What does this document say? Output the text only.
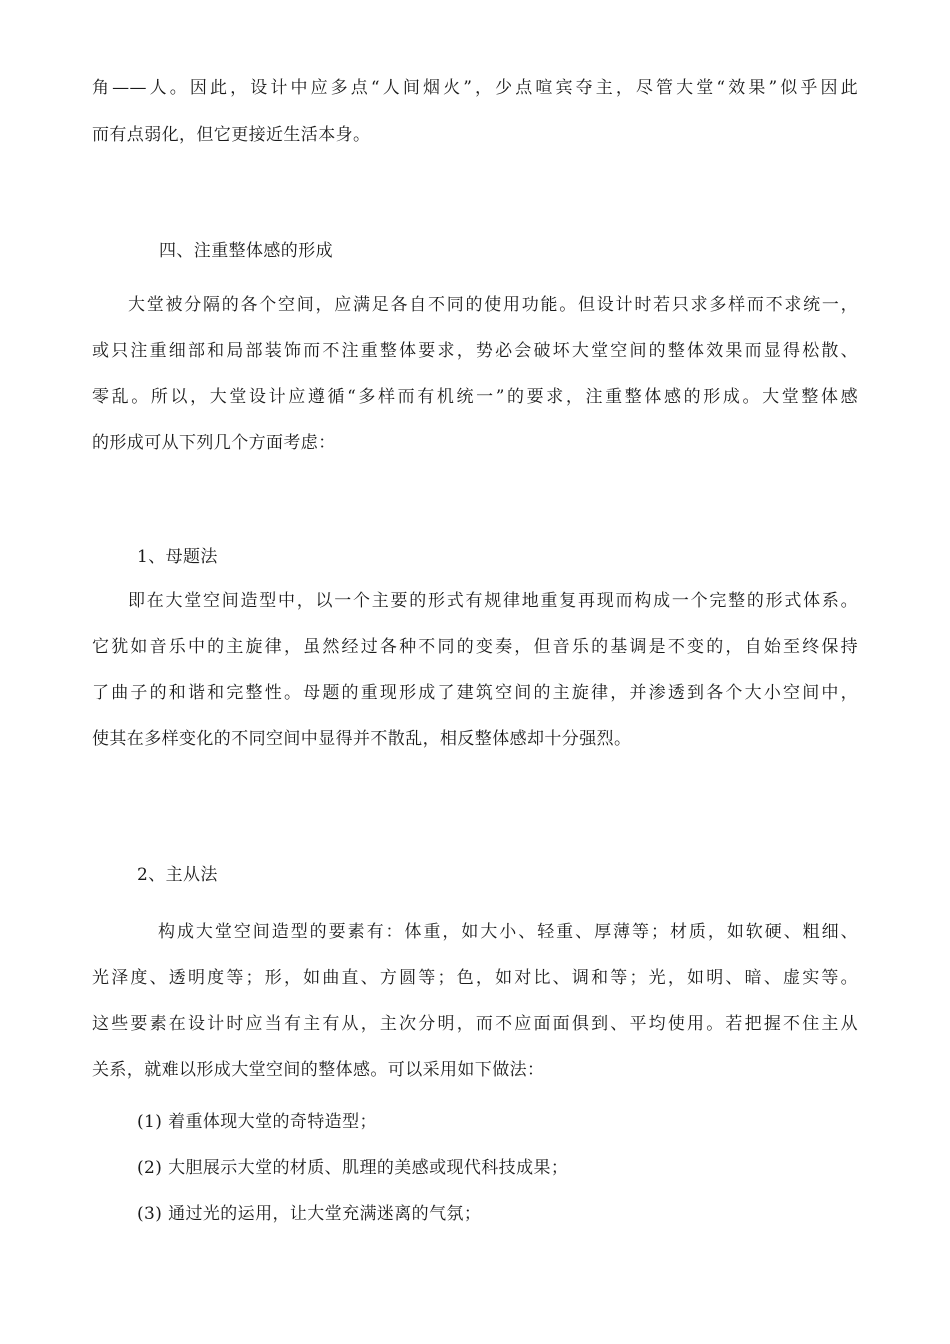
角——人。因此，设计中应多点“人间烟火”，少点喧宾夺主，尽管大堂“效果”似乎因此
而有点弱化，但它更接近生活本身。
四、注重整体感的形成
大堂被分隔的各个空间，应满足各自不同的使用功能。但设计时若只求多样而不求统一，
或只注重细部和局部装饰而不注重整体要求，势必会破坏大堂空间的整体效果而显得松散、
零乱。所以，大堂设计应遵循“多样而有机统一”的要求，注重整体感的形成。大堂整体感
的形成可从下列几个方面考虑：
1、母题法
即在大堂空间造型中，以一个主要的形式有规律地重复再现而构成一个完整的形式体系。
它犹如音乐中的主旋律，虽然经过各种不同的变奏，但音乐的基调是不变的，自始至终保持
了曲子的和谐和完整性。母题的重现形成了建筑空间的主旋律，并渗透到各个大小空间中，
使其在多样变化的不同空间中显得并不散乱，相反整体感却十分强烈。
2、主从法
构成大堂空间造型的要素有：体重，如大小、轻重、厚薄等；材质，如软硬、粗细、
光泽度、透明度等；形，如曲直、方圆等；色，如对比、调和等；光，如明、暗、虚实等。
这些要素在设计时应当有主有从，主次分明，而不应面面俱到、平均使用。若把握不住主从
关系，就难以形成大堂空间的整体感。可以采用如下做法：
(1) 着重体现大堂的奇特造型；
(2) 大胆展示大堂的材质、肌理的美感或现代科技成果；
(3) 通过光的运用，让大堂充满迷离的气氛；
